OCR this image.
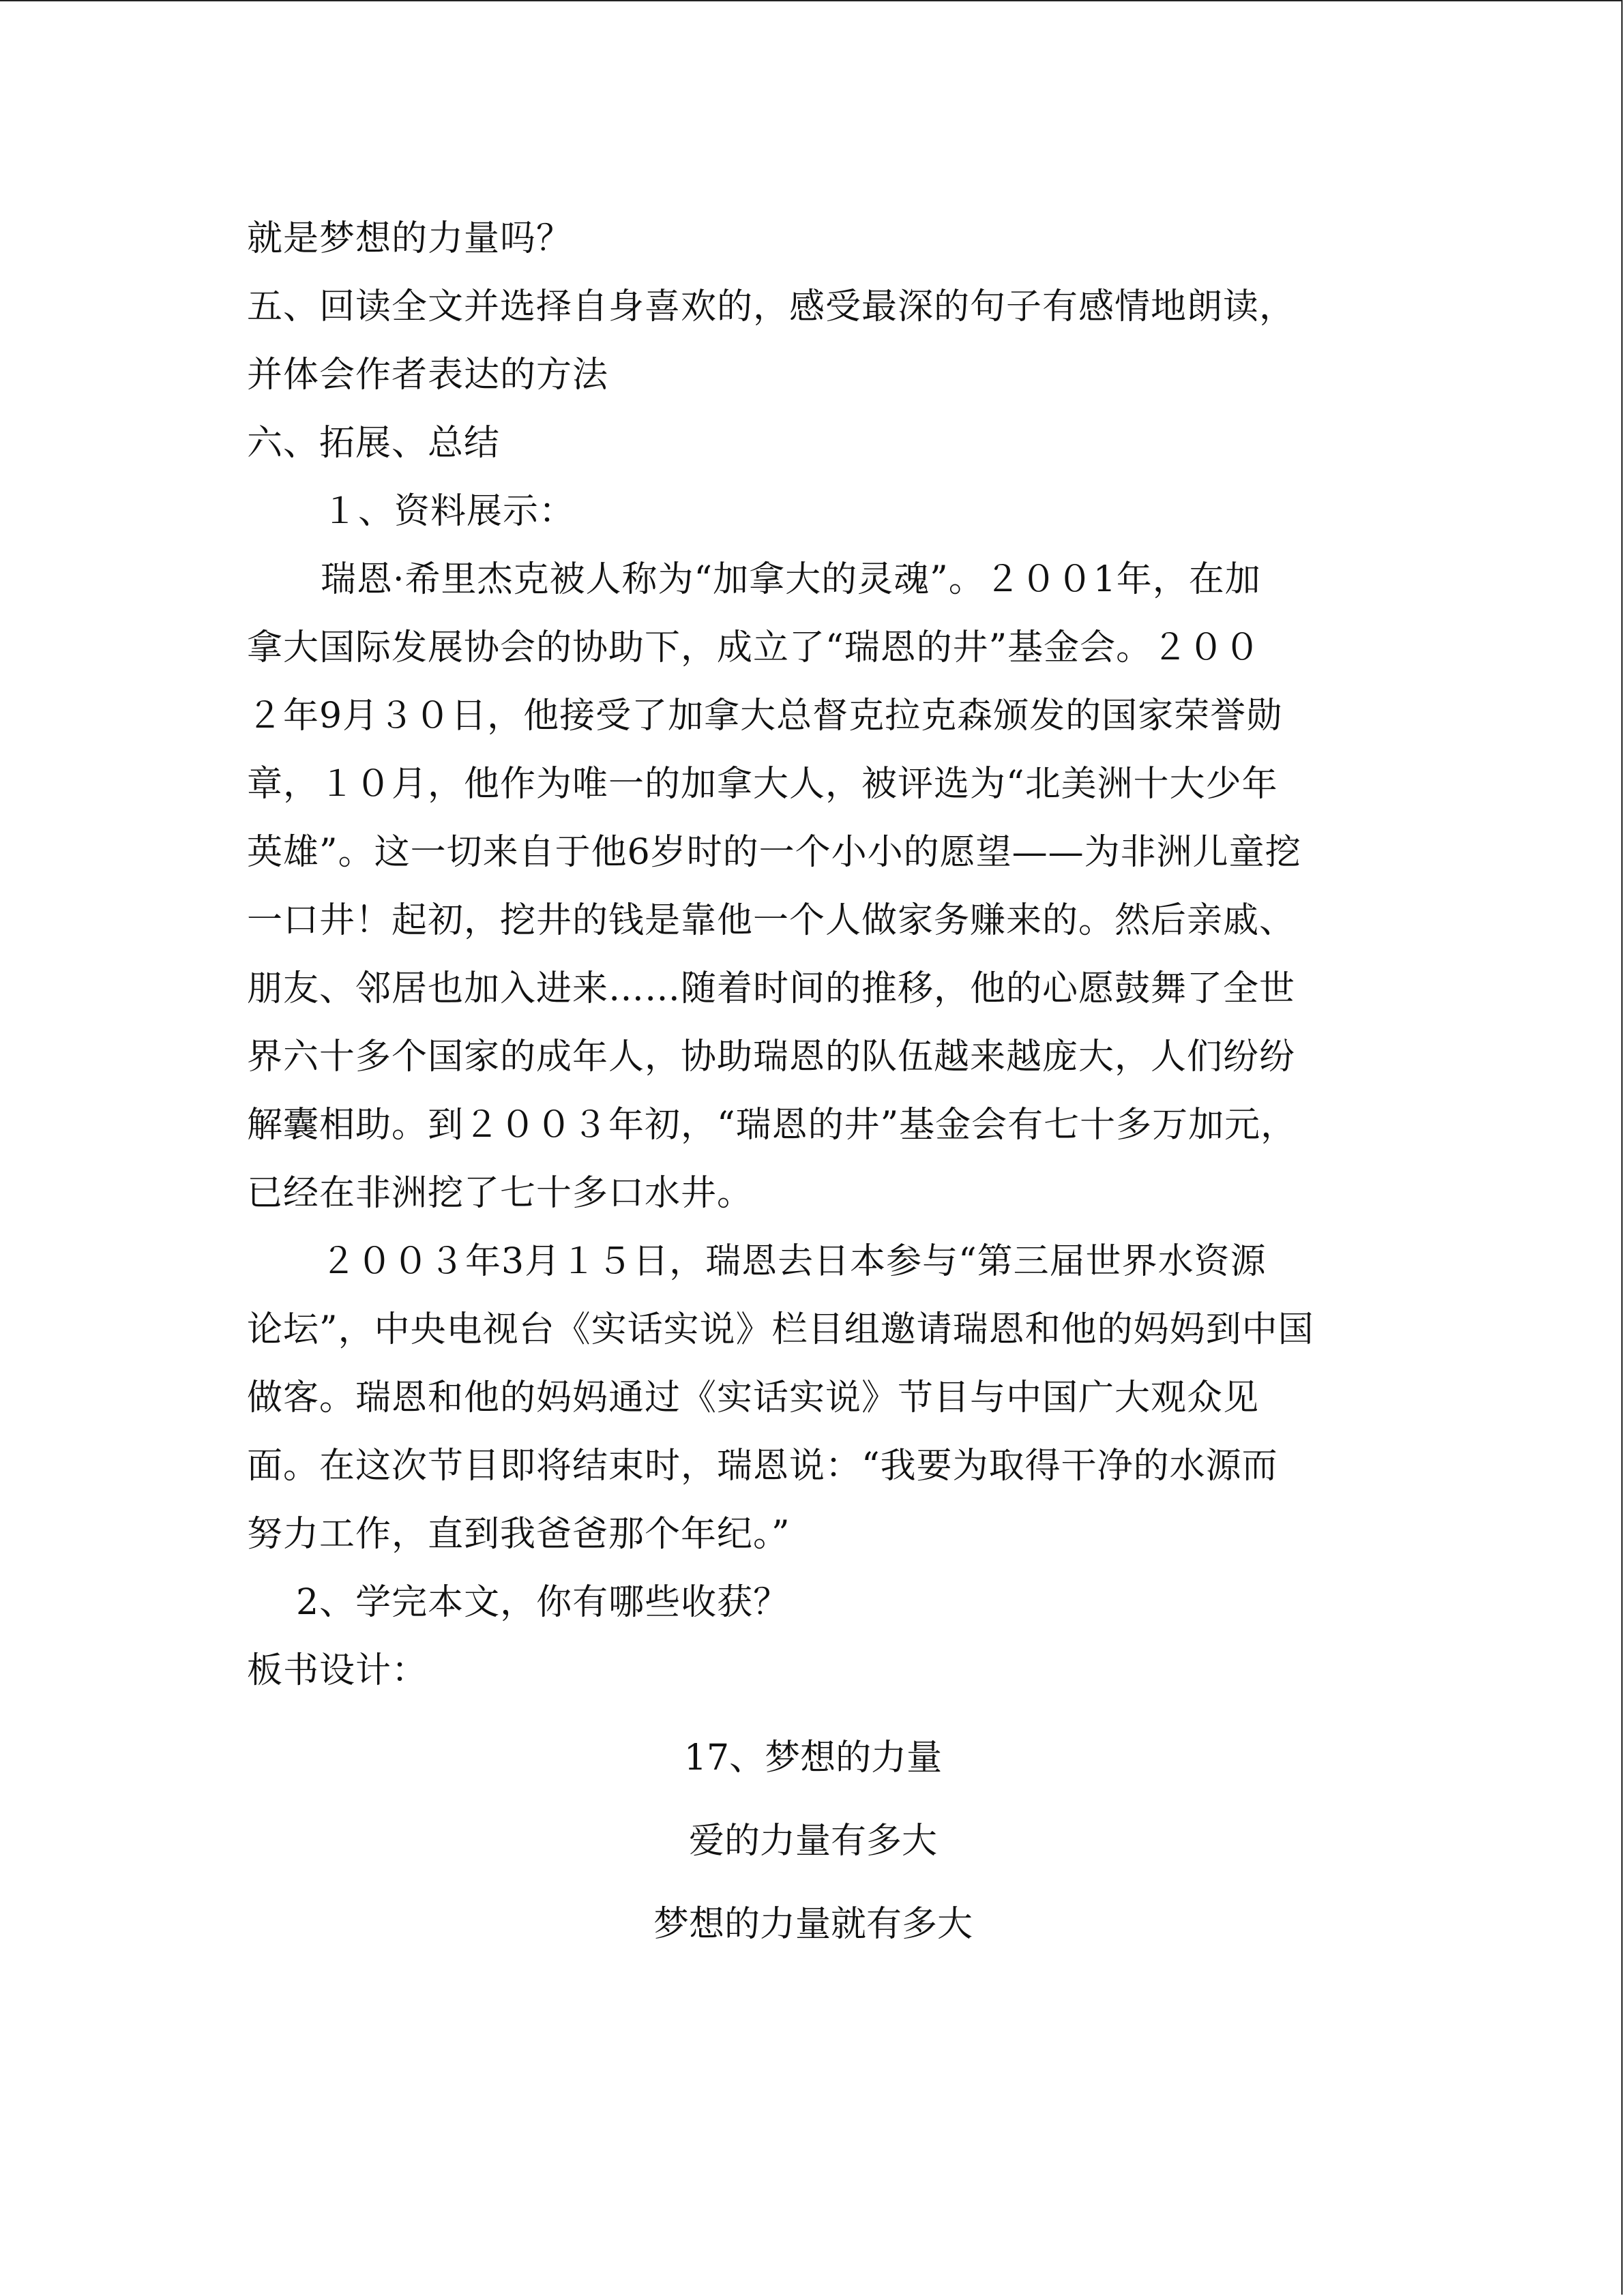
就是梦想的力量吗？
五、回读全文并选择自身喜欢的，感受最深的句子有感情地朗读，
并体会作者表达的方法
六、拓展、总结
１、资料展示：
瑞恩·希里杰克被人称为“加拿大的灵魂”。２００1年，在加
拿大国际发展协会的协助下，成立了“瑞恩的井”基金会。２００
２年9月３０日，他接受了加拿大总督克拉克森颁发的国家荣誉勋
章，１０月，他作为唯一的加拿大人，被评选为“北美洲十大少年
英雄”。这一切来自于他6岁时的一个小小的愿望——为非洲儿童挖
一口井！起初，挖井的钱是靠他一个人做家务赚来的。然后亲戚、
朋友、邻居也加入进来……随着时间的推移，他的心愿鼓舞了全世
界六十多个国家的成年人，协助瑞恩的队伍越来越庞大，人们纷纷
解囊相助。到２００３年初，“瑞恩的井”基金会有七十多万加元，
已经在非洲挖了七十多口水井。
２００３年3月１５日，瑞恩去日本参与“第三届世界水资源
论坛”，中央电视台《实话实说》栏目组邀请瑞恩和他的妈妈到中国
做客。瑞恩和他的妈妈通过《实话实说》节目与中国广大观众见
面。在这次节目即将结束时，瑞恩说：“我要为取得干净的水源而
努力工作，直到我爸爸那个年纪。”
2、学完本文，你有哪些收获？
板书设计：
17、梦想的力量
爱的力量有多大
梦想的力量就有多大
